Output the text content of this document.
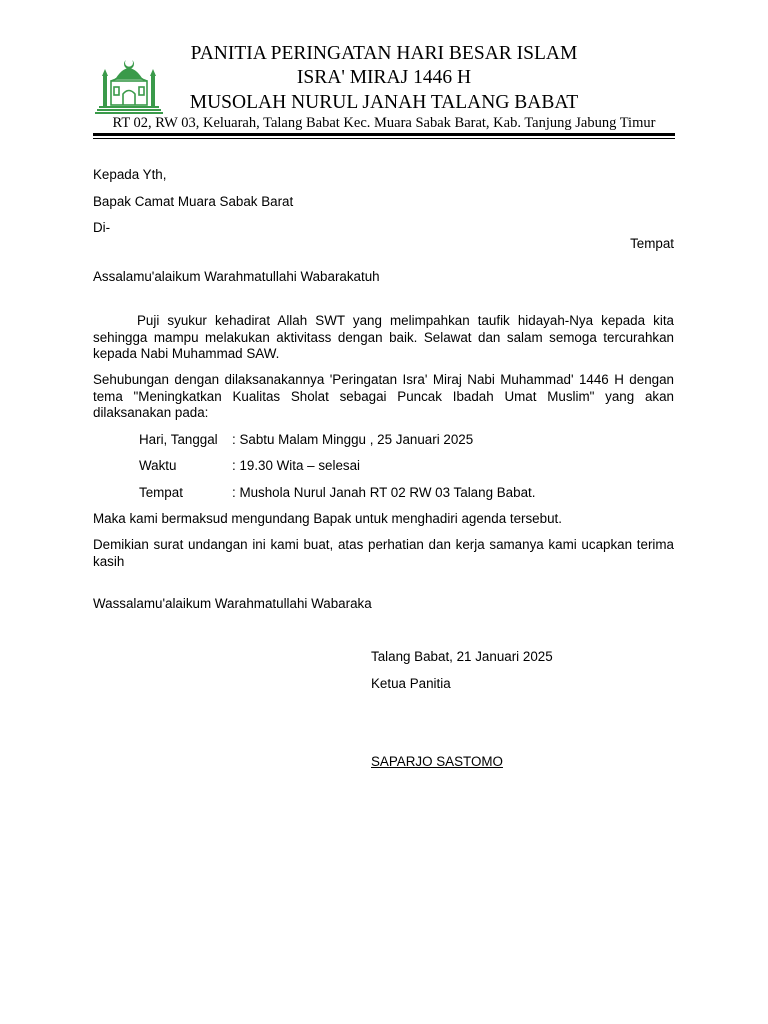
PANITIA PERINGATAN HARI BESAR ISLAM
ISRA' MIRAJ 1446 H
MUSOLAH NURUL JANAH TALANG BABAT
RT 02, RW 03, Keluarah, Talang Babat Kec. Muara Sabak Barat, Kab. Tanjung Jabung Timur
Kepada Yth,
Bapak Camat Muara Sabak Barat
Di-
Tempat
Assalamu'alaikum Warahmatullahi Wabarakatuh
Puji syukur kehadirat Allah SWT yang melimpahkan taufik hidayah-Nya kepada kita sehingga mampu melakukan aktivitass dengan baik. Selawat dan salam semoga tercurahkan kepada Nabi Muhammad SAW.
Sehubungan dengan dilaksanakannya 'Peringatan Isra' Miraj Nabi Muhammad' 1446 H dengan tema "Meningkatkan Kualitas Sholat sebagai Puncak Ibadah Umat Muslim" yang akan dilaksanakan pada:
Hari, Tanggal : Sabtu Malam Minggu , 25 Januari 2025
Waktu	: 19.30 Wita – selesai
Tempat	: Mushola Nurul Janah RT 02 RW 03 Talang Babat.
Maka kami bermaksud mengundang Bapak untuk menghadiri agenda tersebut.
Demikian surat undangan ini kami buat, atas perhatian dan kerja samanya kami ucapkan terima kasih
Wassalamu'alaikum Warahmatullahi Wabaraka
Talang Babat, 21 Januari 2025
Ketua Panitia
SAPARJO SASTOMO
